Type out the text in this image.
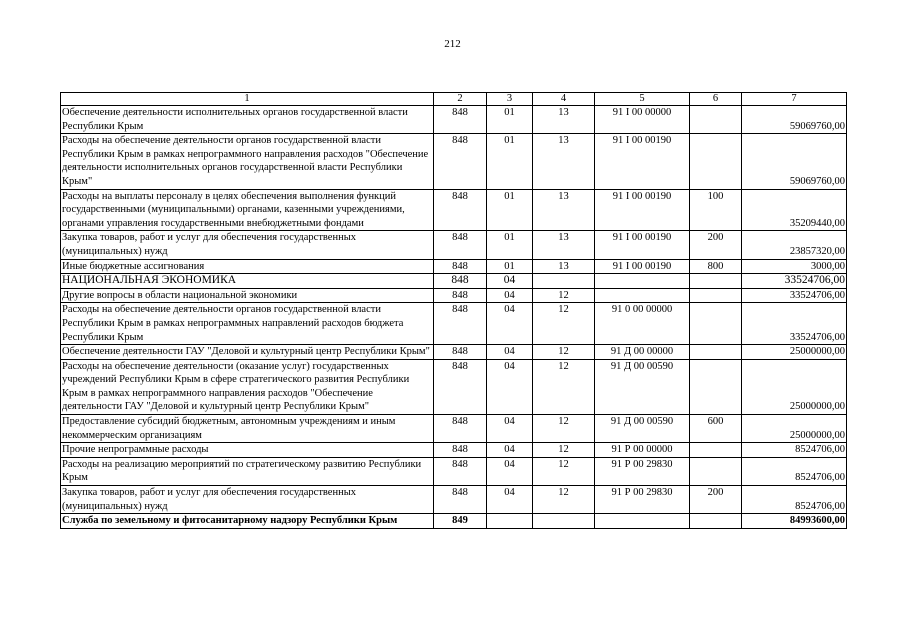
212
1	2	3	4	5	6	7
Обеспечение деятельности исполнительных органов государственной власти Республики Крым	848	01	13	91 I 00 00000		59069760,00
Расходы на обеспечение деятельности органов государственной власти Республики Крым в рамках непрограммного направления расходов "Обеспечение деятельности исполнительных органов государственной власти Республики Крым"	848	01	13	91 I 00 00190		59069760,00
Расходы на выплаты персоналу в целях обеспечения выполнения функций государственными (муниципальными) органами, казенными учреждениями, органами управления государственными внебюджетными фондами	848	01	13	91 I 00 00190	100	35209440,00
Закупка товаров, работ и услуг для обеспечения государственных (муниципальных) нужд	848	01	13	91 I 00 00190	200	23857320,00
Иные бюджетные ассигнования	848	01	13	91 I 00 00190	800	3000,00
НАЦИОНАЛЬНАЯ ЭКОНОМИКА	848	04				33524706,00
Другие вопросы в области национальной экономики	848	04	12			33524706,00
Расходы на обеспечение деятельности органов государственной власти Республики Крым в рамках непрограммных направлений расходов бюджета Республики Крым	848	04	12	91 0 00 00000		33524706,00
Обеспечение деятельности ГАУ "Деловой и культурный центр Республики Крым"	848	04	12	91 Д 00 00000		25000000,00
Расходы на обеспечение деятельности (оказание услуг) государственных учреждений Республики Крым в сфере стратегического развития Республики Крым в рамках непрограммного направления расходов "Обеспечение деятельности ГАУ "Деловой и культурный центр Республики Крым"	848	04	12	91 Д 00 00590		25000000,00
Предоставление субсидий бюджетным, автономным учреждениям и иным некоммерческим организациям	848	04	12	91 Д 00 00590	600	25000000,00
Прочие непрограммные расходы	848	04	12	91 Р 00 00000		8524706,00
Расходы на реализацию мероприятий по стратегическому развитию Республики Крым	848	04	12	91 Р 00 29830		8524706,00
Закупка товаров, работ и услуг для обеспечения государственных (муниципальных) нужд	848	04	12	91 Р 00 29830	200	8524706,00
Служба по земельному и фитосанитарному надзору Республики Крым	849					84993600,00
